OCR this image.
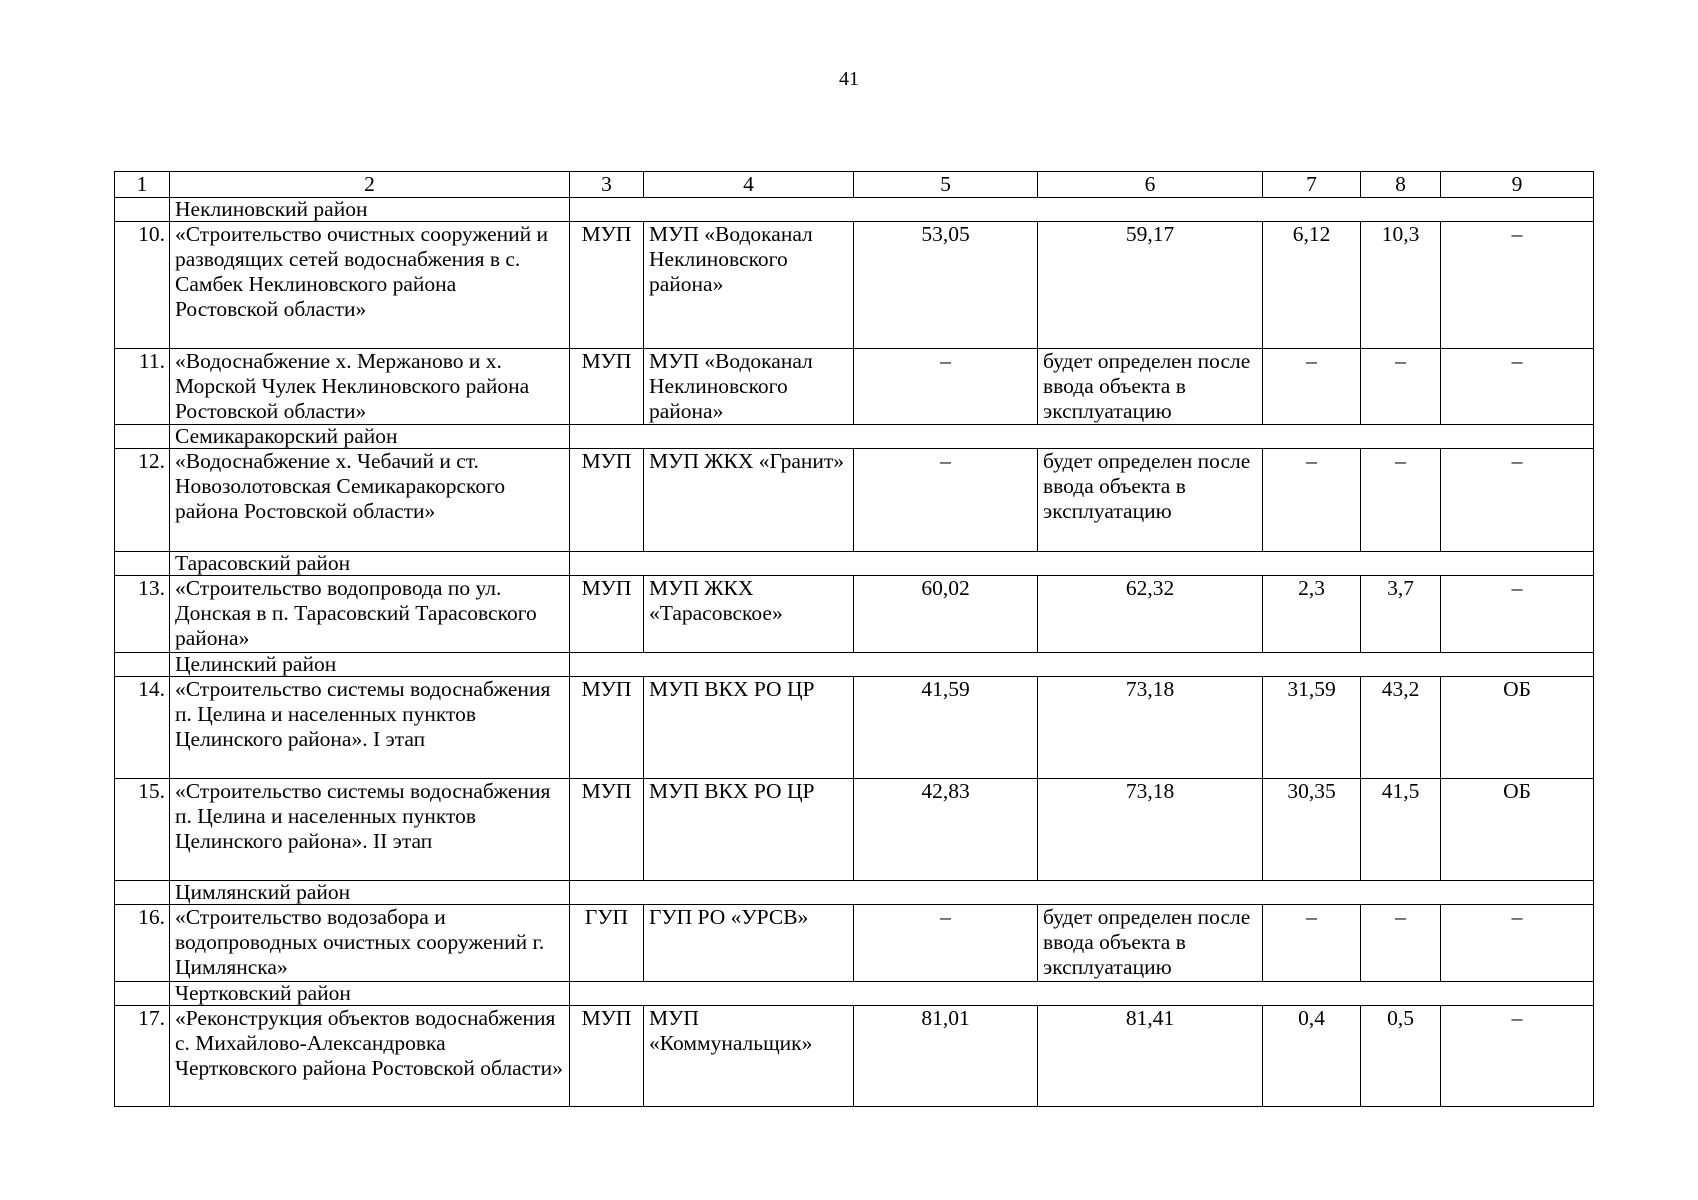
41
1	2	3	4	5	6	7	8	9
	Неклиновский район							
10.	«Строительство очистных сооружений и разводящих сетей водоснабжения в с. Самбек Неклиновского района Ростовской области»	МУП	МУП «Водоканал Неклиновского района»	53,05	59,17	6,12	10,3	–
11.	«Водоснабжение х. Мержаново и х. Морской Чулек Неклиновского района Ростовской области»	МУП	МУП «Водоканал Неклиновского района»	–	будет определен после ввода объекта в эксплуатацию	–	–	–
	Семикаракорский район							
12.	«Водоснабжение х. Чебачий и ст. Новозолотовская Семикаракорского района Ростовской области»	МУП	МУП ЖКХ «Гранит»	–	будет определен после ввода объекта в эксплуатацию	–	–	–
	Тарасовский район							
13.	«Строительство водопровода по ул. Донская в п. Тарасовский Тарасовского района»	МУП	МУП ЖКХ «Тарасовское»	60,02	62,32	2,3	3,7	–
	Целинский район							
14.	«Строительство системы водоснабжения п. Целина и населенных пунктов Целинского района». I этап	МУП	МУП ВКХ РО ЦР	41,59	73,18	31,59	43,2	ОБ
15.	«Строительство системы водоснабжения п. Целина и населенных пунктов Целинского района». II этап	МУП	МУП ВКХ РО ЦР	42,83	73,18	30,35	41,5	ОБ
	Цимлянский район							
16.	«Строительство водозабора и водопроводных очистных сооружений г. Цимлянска»	ГУП	ГУП РО «УРСВ»	–	будет определен после ввода объекта в эксплуатацию	–	–	–
	Чертковский район							
17.	«Реконструкция объектов водоснабжения с. Михайлово-Александровка Чертковского района Ростовской области»	МУП	МУП «Коммунальщик»	81,01	81,41	0,4	0,5	–
